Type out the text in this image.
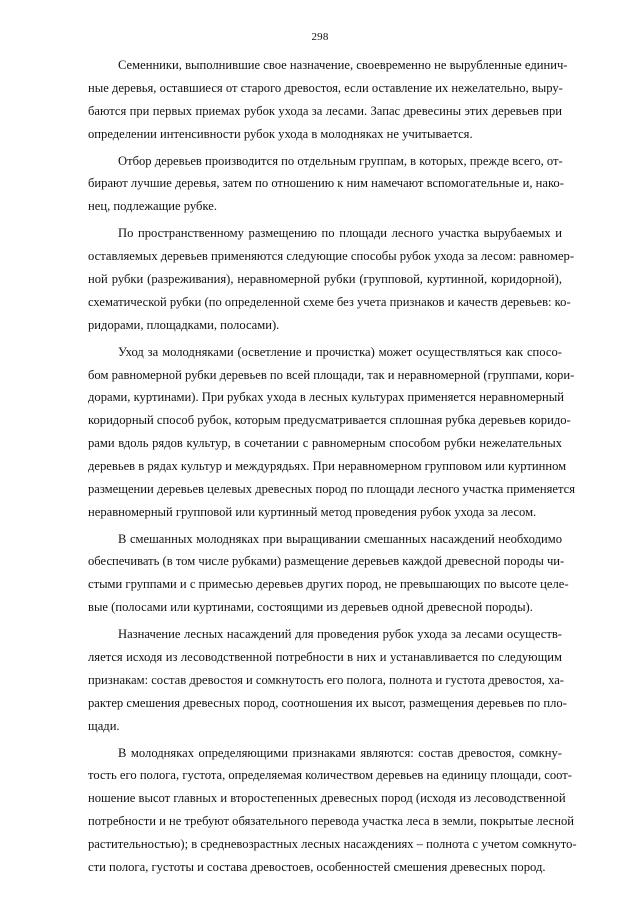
298
Семенники, выполнившие свое назначение, своевременно не вырубленные единич-
ные деревья, оставшиеся от старого древостоя, если оставление их нежелательно, выру-
баются при первых приемах рубок ухода за лесами. Запас древесины этих деревьев при
определении интенсивности рубок ухода в молодняках не учитывается.
Отбор деревьев производится по отдельным группам, в которых, прежде всего, от-
бирают лучшие деревья, затем по отношению к ним намечают вспомогательные и, нако-
нец, подлежащие рубке.
По пространственному размещению по площади лесного участка вырубаемых и
оставляемых деревьев применяются следующие способы рубок ухода за лесом: равномер-
ной рубки (разреживания), неравномерной рубки (групповой, куртинной, коридорной),
схематической рубки (по определенной схеме без учета признаков и качеств деревьев: ко-
ридорами, площадками, полосами).
Уход за молодняками (осветление и прочистка) может осуществляться как спосо-
бом равномерной рубки деревьев по всей площади, так и неравномерной (группами, кори-
дорами, куртинами). При рубках ухода в лесных культурах применяется неравномерный
коридорный способ рубок, которым предусматривается сплошная рубка деревьев коридо-
рами вдоль рядов культур, в сочетании с равномерным способом рубки нежелательных
деревьев в рядах культур и междурядьях. При неравномерном групповом или куртинном
размещении деревьев целевых древесных пород по площади лесного участка применяется
неравномерный групповой или куртинный метод проведения рубок ухода за лесом.
В смешанных молодняках при выращивании смешанных насаждений необходимо
обеспечивать (в том числе рубками) размещение деревьев каждой древесной породы чи-
стыми группами и с примесью деревьев других пород, не превышающих по высоте целе-
вые (полосами или куртинами, состоящими из деревьев одной древесной породы).
Назначение лесных насаждений для проведения рубок ухода за лесами осуществ-
ляется исходя из лесоводственной потребности в них и устанавливается по следующим
признакам: состав древостоя и сомкнутость его полога, полнота и густота древостоя, ха-
рактер смешения древесных пород, соотношения их высот, размещения деревьев по пло-
щади.
В молодняках определяющими признаками являются: состав древостоя, сомкну-
тость его полога, густота, определяемая количеством деревьев на единицу площади, соот-
ношение высот главных и второстепенных древесных пород (исходя из лесоводственной
потребности и не требуют обязательного перевода участка леса в земли, покрытые лесной
растительностью); в средневозрастных лесных насаждениях – полнота с учетом сомкнуто-
сти полога, густоты и состава древостоев, особенностей смешения древесных пород.
